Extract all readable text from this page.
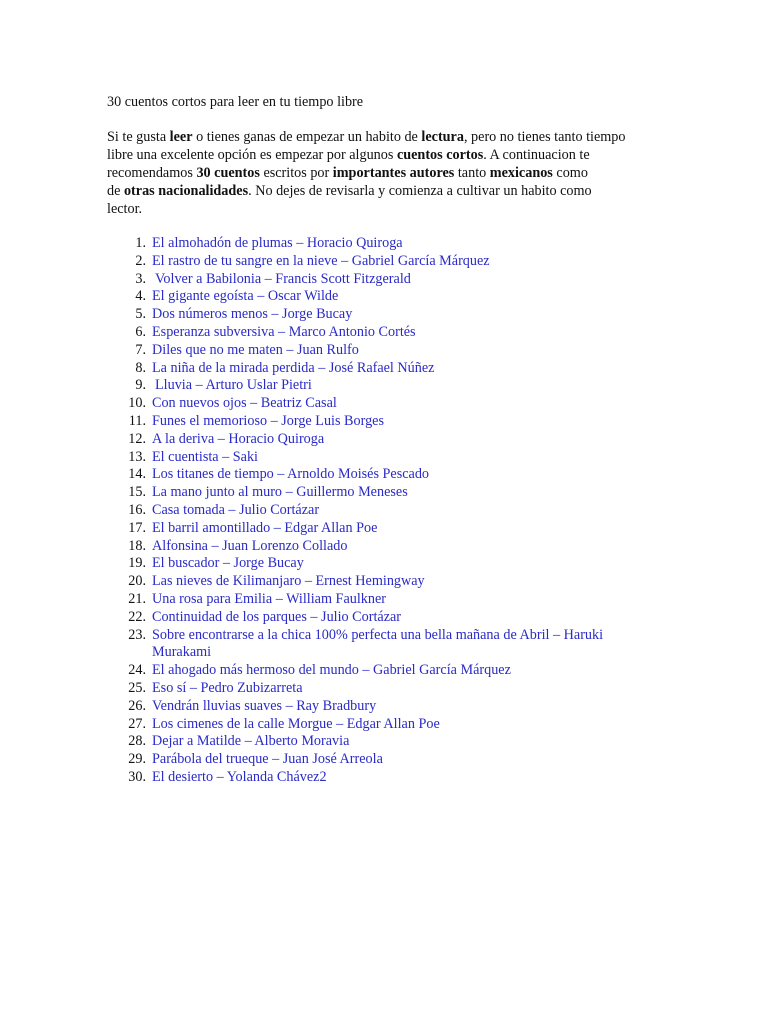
30 cuentos cortos para leer en tu tiempo libre

Si te gusta leer o tienes ganas de empezar un habito de lectura, pero no tienes tanto tiempo
libre una excelente opción es empezar por algunos cuentos cortos. A continuacion te
recomendamos 30 cuentos escritos por importantes autores tanto mexicanos como
de otras nacionalidades. No dejes de revisarla y comienza a cultivar un habito como
lector.

1. El almohadón de plumas – Horacio Quiroga
2. El rastro de tu sangre en la nieve – Gabriel García Márquez
3. Volver a Babilonia – Francis Scott Fitzgerald
4. El gigante egoísta – Oscar Wilde
5. Dos números menos – Jorge Bucay
6. Esperanza subversiva – Marco Antonio Cortés
7. Diles que no me maten – Juan Rulfo
8. La niña de la mirada perdida – José Rafael Núñez
9. Lluvia – Arturo Uslar Pietri
10. Con nuevos ojos – Beatriz Casal
11. Funes el memorioso – Jorge Luis Borges
12. A la deriva – Horacio Quiroga
13. El cuentista – Saki
14. Los titanes de tiempo – Arnoldo Moisés Pescado
15. La mano junto al muro – Guillermo Meneses
16. Casa tomada – Julio Cortázar
17. El barril amontillado – Edgar Allan Poe
18. Alfonsina – Juan Lorenzo Collado
19. El buscador – Jorge Bucay
20. Las nieves de Kilimanjaro – Ernest Hemingway
21. Una rosa para Emilia – William Faulkner
22. Continuidad de los parques – Julio Cortázar
23. Sobre encontrarse a la chica 100% perfecta una bella mañana de Abril – Haruki Murakami
24. El ahogado más hermoso del mundo – Gabriel García Márquez
25. Eso sí – Pedro Zubizarreta
26. Vendrán lluvias suaves – Ray Bradbury
27. Los cimenes de la calle Morgue – Edgar Allan Poe
28. Dejar a Matilde – Alberto Moravia
29. Parábola del trueque – Juan José Arreola
30. El desierto – Yolanda Chávez2
